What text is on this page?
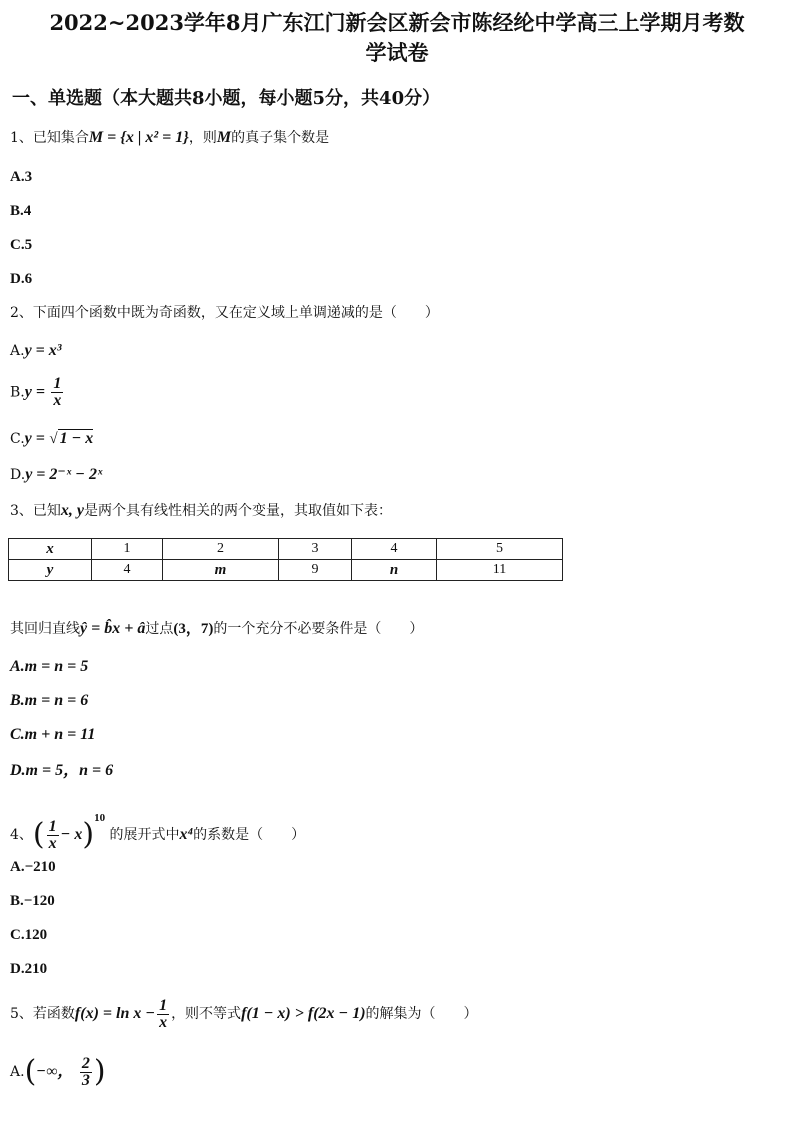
2022~2023学年8月广东江门新会区新会市陈经纶中学高三上学期月考数
学试卷
一、单选题（本大题共8小题，每小题5分，共40分）
1、已知集合M = {x | x² = 1}，则M的真子集个数是
A.3
B.4
C.5
D.6
2、下面四个函数中既为奇函数，又在定义域上单调递减的是（　　）
A.y = x³
$B.y = \frac{1}{x}$
C.y = √ 1 − x
D.y = 2⁻ˣ − 2ˣ
3、已知x, y是两个具有线性相关的两个变量，其取值如下表：
x	1	2	3	4	5
y	4	m	9	n	11
其回归直线ŷ = b̂x + â过点(3，7)的一个充分不必要条件是（　　）
A.m = n = 5
B.m = n = 6
C.m + n = 11
D.m = 5，n = 6
4、( $\frac{1}{x} - x)^{10}$ 的展开式中x⁴的系数是（　　）
A.−210
B.−120
C.120
D.210
5、若函数$f(x) = \ln x - \frac{1}{x}$ ，则不等式f(1 − x) > f(2x − 1)的解集为（　　）
A.(−∞， $\frac{2}{3}$ )
